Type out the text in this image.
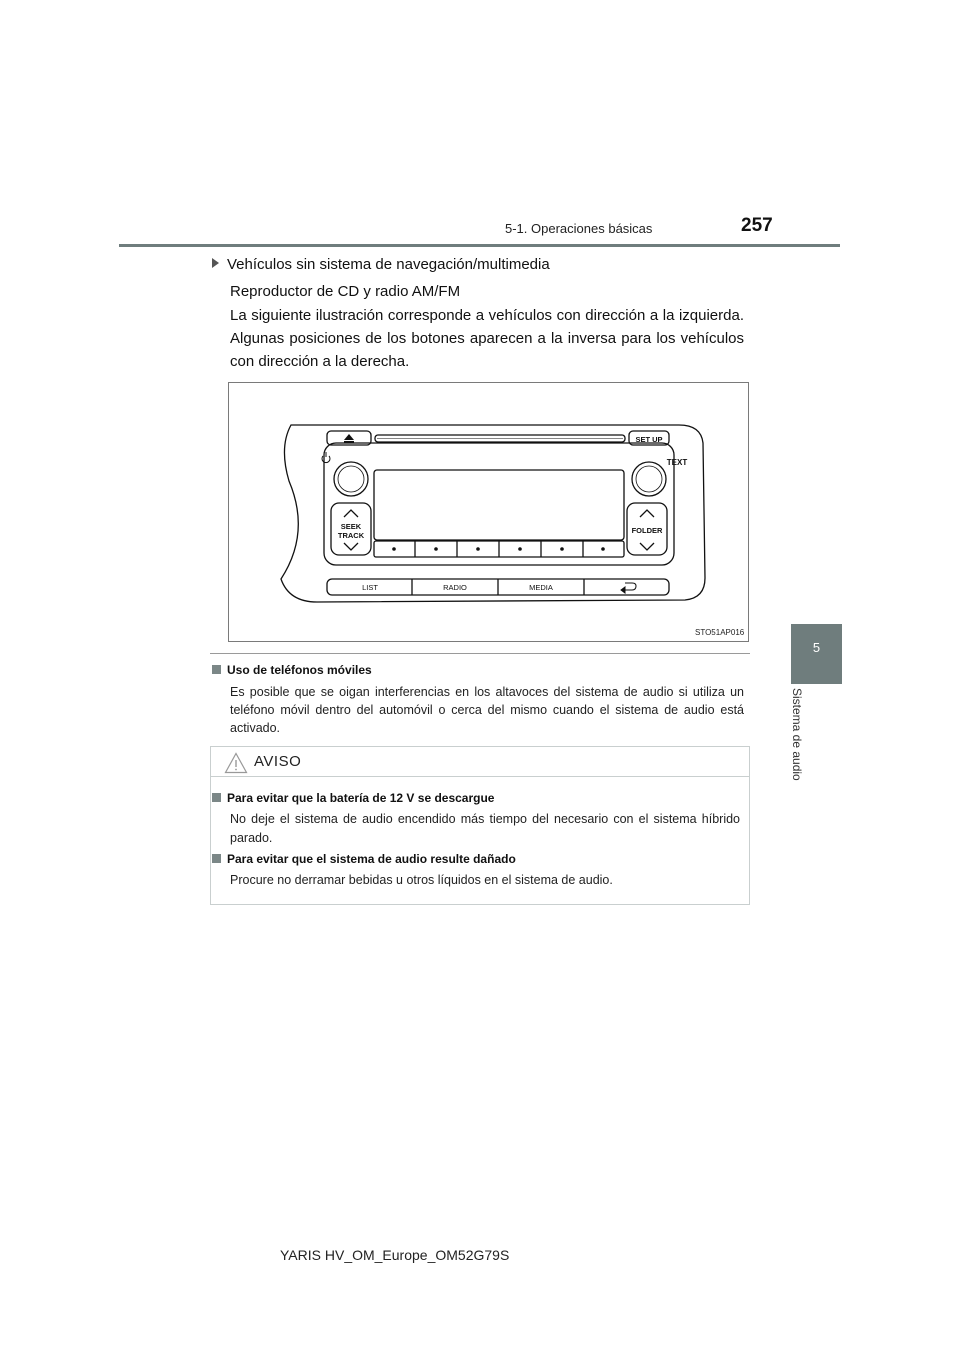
5-1. Operaciones básicas	257
5
Sistema de audio
Vehículos sin sistema de navegación/multimedia
Reproductor de CD y radio AM/FM
La siguiente ilustración corresponde a vehículos con dirección a la izquierda. Algunas posiciones de los botones aparecen a la inversa para los vehículos con dirección a la derecha.
SET UP
TEXT
SEEK
TRACK
FOLDER
LIST	RADIO	MEDIA
STO51AP016
Uso de teléfonos móviles
Es posible que se oigan interferencias en los altavoces del sistema de audio si utiliza un teléfono móvil dentro del automóvil o cerca del mismo cuando el sistema de audio está activado.
AVISO
Para evitar que la batería de 12 V se descargue
No deje el sistema de audio encendido más tiempo del necesario con el sistema híbrido parado.
Para evitar que el sistema de audio resulte dañado
Procure no derramar bebidas u otros líquidos en el sistema de audio.
YARIS HV_OM_Europe_OM52G79S
